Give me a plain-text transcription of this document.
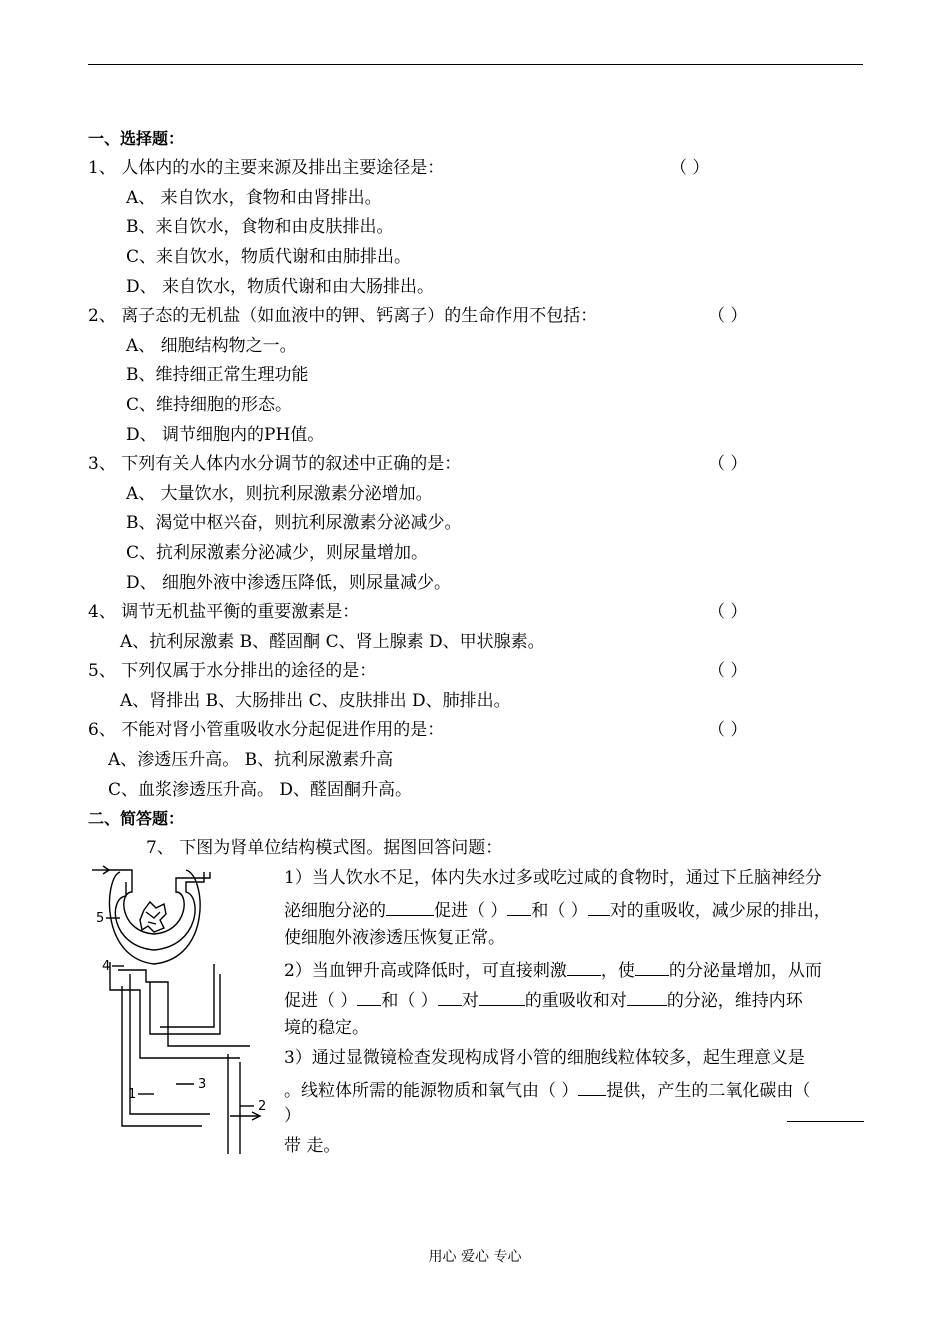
一、选择题：
1、 人体内的水的主要来源及排出主要途径是：	（ ）
A、 来自饮水，食物和由肾排出。
B、来自饮水，食物和由皮肤排出。
C、来自饮水，物质代谢和由肺排出。
D、 来自饮水，物质代谢和由大肠排出。
2、 离子态的无机盐（如血液中的钾、钙离子）的生命作用不包括：	（ ）
A、 细胞结构物之一。
B、维持细正常生理功能
C、维持细胞的形态。
D、 调节细胞内的PH值。
3、 下列有关人体内水分调节的叙述中正确的是：	（ ）
A、 大量饮水，则抗利尿激素分泌增加。
B、渴觉中枢兴奋，则抗利尿激素分泌减少。
C、抗利尿激素分泌减少，则尿量增加。
D、 细胞外液中渗透压降低，则尿量减少。
4、 调节无机盐平衡的重要激素是：	（ ）
A、抗利尿激素 B、醛固酮 C、肾上腺素 D、甲状腺素。
5、 下列仅属于水分排出的途径的是：	（ ）
A、肾排出 B、大肠排出 C、皮肤排出 D、肺排出。
6、 不能对肾小管重吸收水分起促进作用的是：	（ ）
A、渗透压升高。 B、抗利尿激素升高
C、血浆渗透压升高。 D、醛固酮升高。
二、简答题：
7、 下图为肾单位结构模式图。据图回答问题：
1）当人饮水不足，体内失水过多或吃过咸的食物时，通过下丘脑神经分
泌细胞分泌的	促进（ ） 和（ ） 对的重吸收，减少尿的排出，
使细胞外液渗透压恢复正常。
2）当血钾升高或降低时，可直接刺激 ，使 的分泌量增加，从而
促进（ ） 和（ ） 对	的重吸收和对 的分泌，维持内环
境的稳定。
3）通过显微镜检查发现构成肾小管的细胞线粒体较多，起生理意义是
。线粒体所需的能源物质和氧气由（ ） 提供，产生的二氧化碳由（
）
带 走。
5
4
3
1
2
用心 爱心 专心
